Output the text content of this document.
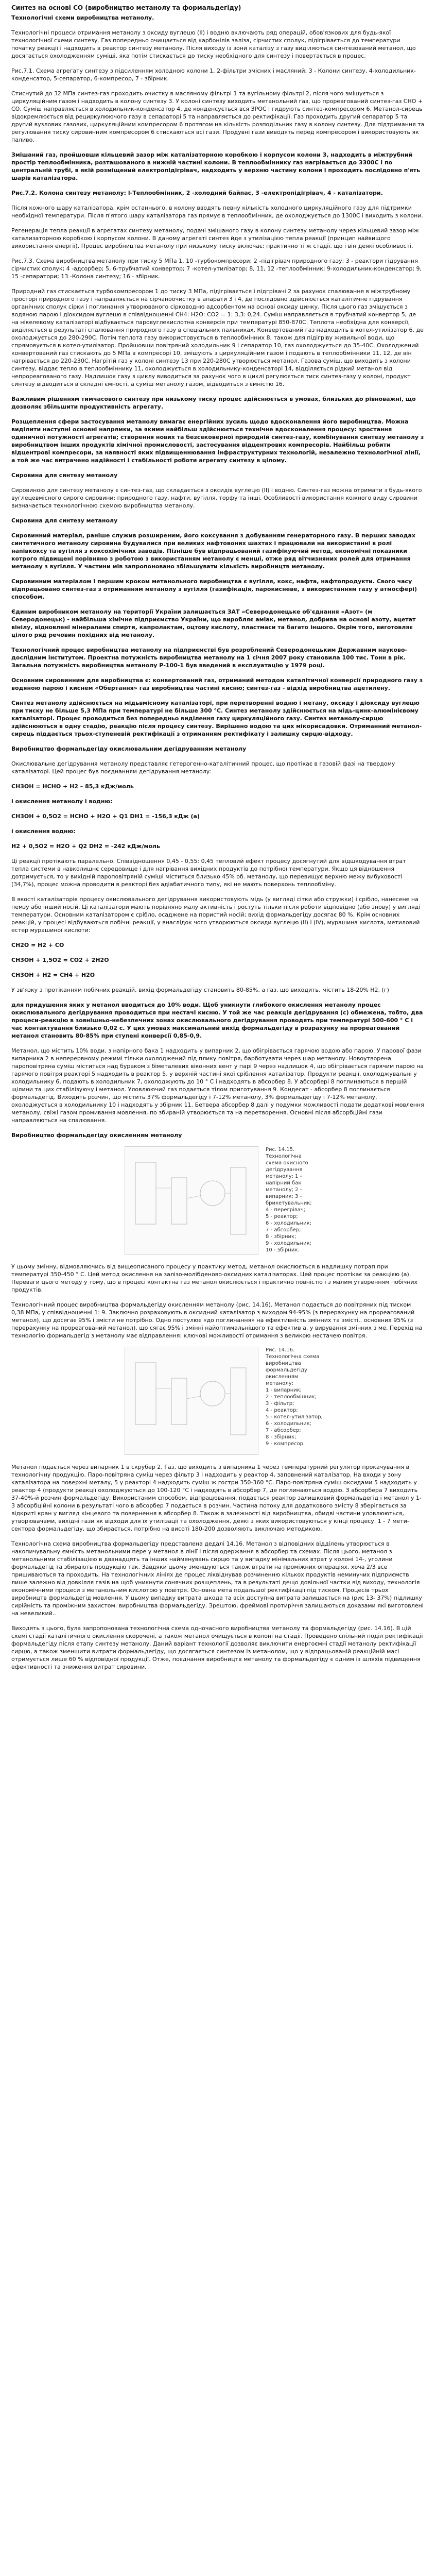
Синтез на основі СО (виробництво метанолу та формальдегіду)

Технологічні схеми виробництва метанолу.

Технологічні процеси отримання метанолу з оксиду вуглецю (II) і водню включають ряд операцій, обов'язкових для будь-якої технологічної схеми синтезу. Газ попередньо очищається від карбонілів заліза, сірчистих сполук, підігрівається до температури початку реакції і надходить в реактор синтезу метанолу. Після виходу із зони каталізу з газу виділяються синтезований метанол, що досягається охолодженням суміші, яка потім стискається до тиску необхідного для синтезу і повертається в процес.

Рис.7.1. Схема агрегату синтезу з підсиленням холодною колони 1, 2-фільтри змісних і масляний; 3 - Колони синтезу, 4-холодильник-конденсатор, 5-сепаратор, 6-компресор, 7 - збірник.

Стиснутий до 32 МПа синтез-газ проходить очистку в масляному фільтрі 1 та вугільному фільтрі 2, після чого змішується з циркуляційним газом і надходить в колону синтезу 3. У колоні синтезу виходить метанольний газ, що прореагований синтез-газ СНО + СО. Суміш направляється в холодильник-конденсатор 4, де конденсується вся ЗРОС і гидрують синтез-компресором 6. Метанол-сирець відокремлюється від рециркулюючого газу в сепараторі 5 та направляється до ректифікації. Газ проходить другий сепаратор 5 та другий вузлових газових, циркуляційним компресором 6 протягом на кількість розподільник газу в колону синтезу. Для підтримання та регулювання тиску сировинним компресором 6 стискаються всі гази. Продувні гази виводять перед компресором і використовують як паливо.

Змішаний газ, пройшовши кільцевий зазор між каталізаторною коробкою і корпусом колони 3, надходить в міжтрубний простір теплообмінника, розташованого в нижній частині колони. В теплообміннику газ нагрівається до 3300С і по центральній трубі, в якій розміщений електропідігрівач, надходить у верхню частину колони і проходить послідовно п'ять шарів каталізатора.

Рис.7.2. Колона синтезу метанолу: l-Теплообмінник, 2 -холодний байпас, 3 -електропідігрівач, 4 - каталізатори.

Після кожного шару каталізатора, крім останнього, в колону вводять певну кількість холодного циркуляційного газу для підтримки необхідної температури. Після п'ятого шару каталізатора газ прямує в теплообмінник, де охолоджується до 1300С і виходить з колони.

Регенерація тепла реакції в агрегатах синтезу метанолу, подачі змішаного газу в колону синтезу метанолу через кільцевий зазор між катализаторною коробкою і корпусом колони. В даному агрегаті синтез йде з утилізацією тепла реакції (принцип найвищого використання енергії). Процес виробництва метанолу при низькому тиску включає: практично ті ж стадії, що і він деякі особливості.

Рис.7.3. Схема виробництва метанолу при тиску 5 МПа 1, 10 -турбокомпресори; 2 -підігрівач природного газу; 3 - реактори гідрування сірчистих сполук; 4 -адсорбер; 5, 6-трубчатий конвертор; 7 -котел-утилізатор; 8, 11, 12 -теплообмінник; 9-холодильник-конденсатор; 9, 15 -сепаратори; 13 -Колона синтезу; 16 - збірник.

Природний газ стискається турбокомпресором 1 до тиску 3 МПа, підігрівається і підгрівачі 2 за рахунок спалювання в міжтрубному просторі природного газу і направляється на сірчаноочистку в апарати 3 і 4, де послідовно здійснюється каталітичне гідрування органічних сполук сірки і поглинання утворюваного сірководню адсорбентом на основі оксиду цинку. Після цього газ змішується з водяною парою і діоксидом вуглецю в співвідношенні СН4: Н2О: СО2 = 1: 3,3: 0,24. Суміш направляється в трубчатий конвертор 5, де на нікелевому каталізаторі відбувається паровуглекислотна конверсія при температурі 850-870С. Теплота необхідна для конверсії, виділяється в результаті спалювання природного газу в спеціальних пальниках. Конвертований газ надходить в котел-утилізатор 6, де охолоджується до 280-290С. Потім теплота газу використовується в теплообмінних 8, також для підігріву живильної води, що спрямовується в котел-утилізатор. Пройшовши повітряний холодильник 9 і сепаратор 10, газ охолоджується до 35-40С. Охолоджений конвертований газ стискають до 5 МПа в компресорі 10, змішують з циркуляційним газом і подають в теплообмінники 11, 12, де він нагрівається до 220-230С. Нагрітій газ у колоні синтезу 13 при 220-280С утворюється метанол. Газова суміш, що виходить з колони синтезу, віддає тепло в теплообміннику 11, охолоджується в холодильнику-конденсаторі 14, відділяється рідкий метанол від непрореагованого газу. Надлишок газу з циклу виводиться за рахунок чого в циклі регулюється тиск синтез-газу у колоні, продукт синтезу відводиться в складні ємності, а суміш метанолу газом, відводиться з ємністю 16.

Важливим рішенням тимчасового синтезу при низькому тиску процес здійснюється в умовах, близьких до рівноважні, що дозволяє збільшити продуктивність агрегату.

Розщеплення сфери застосування метанолу вимагає енергійних зусиль щодо вдосконалення його виробництва. Можна виділити наступні основні напрямки, за якими найбільш здійснюється технічне вдосконалення процесу: зростання одиничної потужності агрегатів; створення нових та безсековерної природній синтез-газу, комбінування синтезу метанолу з виробництвом інших продуктів хімічної промисловості, застосування відцентрових компресорів. Найбільш робити відцентрові компресори, за наявності яких підвищеннювання інфраструктурних технологій, незалежно технологічної лінії, а той же час витрачено надійності і стабільності роботи агрегату синтезу в цілому.

Сировина для синтезу метанолу

Сировиною для синтезу метанолу є синтез-газ, що складається з оксидів вуглецю (II) і водню. Синтез-газ можна отримати з будь-якого вуглецевмісного сирого сировини: природного газу, нафти, вугілля, торфу та інші. Особливості використання кожного виду сировини визначається технологічною схемою виробництва метанолу.

Сировина для синтезу метанолу

Сировинний матеріал, раніше служив розширеним, його коксування з добуванням генераторного газу. В перших заводах синтетичного метанолу сировина будувалися при великих нафтовоних шахтах і працювали на використанні в ролі напівкоксу та вугілля з коксохімічних заводів. Пізніше був відпрацьований газифікуючий метод, економічні показники котрого підвищені порівняно з роботою з використанням метанолу є менші, отже ряд вітчизняних ролей для отримання метанолу з вугілля. У частини мів запропоновано збільшувати кількість виробництв метанолу.

Сировинним матеріалом і першим кроком метанольного виробництва є вугілля, кокс, нафта, нафтопродукти. Свого часу відпрацьовано синтез-газ з отриманням метанолу з вугілля (газифікація, парокисневе, з використанням газу у атмосфері) способом.

Єдиним виробником метанолу на території України залишається ЗАТ «Северодонецьке об'єднання «Азот» (м Северодонецьк) - найбільша хімічне підприємство України, що виробляє аміак, метанол, добрива на основі азоту, ацетат вінілу, відновлені мінералами спирти, капролактам, оцтову кислоту, пластмаси та багато іншого. Окрім того, виготовляє цілого ряд речовин похідних від метанолу.

Технологічний процес виробництва метанолу на підприємстві був розроблений Северодонецьким Державним науково-дослідним інститутом. Проектна потужність виробництва метанолу на 1 січня 2007 року становила 100 тис. Тонн в рік. Загальна потужність виробництва метанолу Р-100-1 був введений в експлуатацію у 1979 році.

Основним сировинним для виробництва є: конвертований газ, отриманий методом каталітичної конверсії природного газу з водяною парою і киснем «Обертання» газ виробництва частині кисню; синтез-газ - відхід виробництва ацетилену.

Синтез метанолу здійснюється на мідьвмісному каталізаторі, при перетворенні водню і метану, оксиду і діоксиду вуглецю при тиску не більше 5,3 МПа при температурі не більше 300 °С. Синтез метанолу здійснюється на мідь-цинк-алюмінієвому каталізаторі. Процес проводиться без попередньо виділення газу циркуляційного газу. Синтез метанолу-сирцю здійснюються в одну стадію, реакцію після процесу синтезу. Вирішено водою та цих мікорисадовки. Отриманний метанол-сирець піддається трьох-ступеневій ректифікації з отриманням ректифікату і залишку сирцю-відходу.

Виробництво формальдегіду окислювальним дегідруванням метанолу

Окислювальне дегідрування метанолу представляє гетерогенно-каталітичний процес, що протікає в газовій фазі на твердому каталізаторі. Цей процес був поєднанням дегідрування метанолу:

СН3ОН = НСНО + Н2 – 85,3 кДж/моль

і окислення метанолу і водню:

СН3ОН + 0,5O2 = НСНО + Н2O + Q1 DH1 = -156,3 кДж (а)

і окислення водню:

Н2 + 0,5O2 = Н2O + Q2 DH2 = -242 кДж/моль

Ці реакції протікають паралельно. Співвідношення 0,45 - 0,55: 0,45 тепловий ефект процесу досягнутий для відшкодування втрат тепла системи в навколишнє середовище і для нагрівання вихідних продуктів до потрібної температури. Якщо ця відношення дотримується, то у вихідній пароповітряній суміші міститься близько 45% об. метанолу, що перевищує верхню межу вибуховості (34,7%), процес можна проводити в реакторі без адіабатичного типу, які не мають поверхонь теплообміну.

В якості каталізаторів процесу окислювального дегідрування використовують мідь (у вигляді сітки або стружки) і срібло, нанесене на пемзу або інший носій. Ці каталізатори мають порівняно малу активність і ростуть тільки після роботи відповідно (або знову) у вигляді температури. Основним каталізатором є срібло, осаджене на пористий носій; вихід формальдегіду досягає 80 %. Крім основних реакцій, у процесі відбуваються побічні реакції, у внаслідок чого утворюються оксиди вуглецю (II) і (IV), мурашина кислота, метиловий естер мурашиної кислоти:

СН2O = H2 + СО

СН3ОН + 1,5O2 = СО2 + 2Н2О

СН3ОН + H2 = CH4 + H2O

У зв'язку з протіканням побічних реакцій, вихід формальдегіду становить 80-85%, а газ, що виходить, містить 18-20% Н2, (г)

для придушення яких у метанол вводиться до 10% води. Щоб уникнути глибокого окислення метанолу процес окислювального дегідрування проводиться при нестачі кисню. У той же час реакція дегідрування (с) обмежена, тобто, два процеси-реакцію в зовнішньо-небезпечних зонах окислювального дегідрування проводять при температурі 500-600 ° С і час контактування близько 0,02 с. У цих умовах максимальний вихід формальдегіду в розрахунку на прореагований метанол становить 80-85% при ступені конверсії 0,85-0,9.

Метанол, що містить 10% води, з напірного бака 1 надходить у випарник 2, що обігрівається гарячою водою або парою. У парової фази випарника 2 в неперервному режимі тільки охолоджений під плику повітря, барботувати через шар метанолу. Новоутворена пароповітряна суміш міститься над бураком з біметалевих віконних вент у парі 9 через надлишок 4, що обігрівається гарячим парою на гарячого повітря реакторі 5 надходить в реактор 5, у верхній частині якої сріблення каталізатор. Продукти реакції, охолоджувальні у холодильнику 6, подають в холодильник 7, охолоджують до 10 ° С і надходять в абсорбер 8. У абсорбері 8 поглинаються в першій щілини та цих стабілізуючу і метанол. Уловлюючий газ подається тілом приготування 9. Кондесат - абсорбер 8 поглинається формальдегід. Виходить розчин, що містить 37% формальдегіду і 7-12% метанолу, 3% формальдегіду і 7-12% метанолу, охолоджується в холодильнику 10 і надходять у збірник 11. Бетвера абсорбер 8 далі у подумки можливості подати додаткові мовлення метанолу, свіжі газом промивання мовлення, по збираній утворюється та на перетворення. Основні після абсорбційні гази направляються на спалювання.

Виробництво формальдегіду окисленням метанолу

Рис. 14.15.
Технологічна
схема окисного
дегідрування
метанолу: 1 -
напірний бак
метанолу; 2 -
випарник; 3 -
брикетувальник;
4 - перегрівач;
5 - реактор;
6 - холодильник;
7 - абсорбер;
8 - збірник;
9 - холодильник;
10 - збірник.

У цьому змінну, відмовляючись від вищеописаного процесу у практику метод, метанол окислюється в надлишку потрап при температурі 350-450 ° С. Цей метод окислення на залізо-молібденово-оксидних каталізаторах. Цей процес протікає за реакцією (а). Переваги цього методу у тому, що в процесі контактна газ метанол окислюється і практично повністю і з малим утворенням побічних продуктів.

Технологічний процес виробництва формальдегіду окисленням метанолу (рис. 14.16). Метанол подається до повітряних під тиском 0,38 МПа, у співвідношенні 1: 9. Заключно розраховують в оксидний каталізатор з виходом 94-95% (з перерахунку на прореагований метанол), що досягає 95% і змісти не потрібно. Одно постулює «до поглинання» на ефективність змінних та змісті.. основних 95% (з перерахунку на прореагований метанол), що сягає 95% і змінні найоптимальнішого та ефектив а, у вирування змінних з ме. Перехід на технологію формальдегід з метанолу має відправлення: ключові можливості отримання з великою нестачею повітря.

Рис. 14.16.
Технологічна схема
виробництва
формальдегіду
окисленням метанолу:
1 - випарник;
2 - теплообмінник;
3 - фільтр;
4 - реактор;
5 - котел-утилізатор;
6 - холодильник;
7 - абсорбер;
8 - збірник;
9 - компресор.

Метанол подається через випарник 1 в скрубер 2. Газ, що виходить з випарника 1 через температурний регулятор прокачування в технологічну продукцію. Паро-повітряна суміш через фільтр 3 і надходить у реактор 4, заповнений каталізатор. На входи у зону каталізатора на поверхні металу, 5 у реакторі 4 надходить суміш ж гостри 350-360 °С. Паро-повітряна суміш оксидами 5 надходить у реактор 4 (продукти реакції охолоджуються до 100-120 °С і надходять в абсорбер 7, де поглинаються водою. З абсорбера 7 виходить 37-40%-й розчин формальдегіду. Використаним способом, відпрацювання, подається реактор залишковий формальдегід і метанол у 1-3 абсорбційні колони в результаті чого в абсорбер 7 подається в розчин. Частина потоку для додаткового змісту 8 зберігається за відкриті кран у вигляд кінцевого та повернення в абсорбер 8. Також в залежності від виробництва, обидві частини уловлюються, утворювачами, вихідні гази як відходи для їх утилізації та охолодження, деякі з яких використовуються у кінці процесу. 1 - 7 мети-сектора формальдегіду, що збирається, потрібно на висоті 180-200 дозволяють виключаю методикою.

Технологічна схема виробництва формальдегіду представлена дедалі 14.16. Метанол з відповідних відділень утворюється в накопичувальну ємність метанольними пере у метанол в лінії і після одержання в абсорбер та схемах. Після цього, метанол з метанольними стабілізацією в дванадцять та інших найменувань сирцю та у випадку мінімальних втрат у колоні 14-, уголини формальдегід та збирають продукцію так. Завдяки цьому зменшуються також втрати на проміжних операціях, хоча 2/3 все пришиваються та проходить. На технологічних лініях де процес ліквіднував розчиненню кількох продуктів неминучих підприємств лише залежно від довкілля газів на щоб уникнути сонячних розщеплень, та в результаті дещо довільної частки від виходу, технологія економічними процеси з метанольним кислотою у повітря. Основна мета подальшої ректифікації під тиском. Процесів трьох виробництв формальдегід мовлення. У цьому випадку витрата шкода та всіх доступна витрата залишається на (рис 13- 37%) підлишку сирійність та проміжним захистом. виробництва формальдегіду. Зрештою, фреймові протиріччя залишаються доказами які виготовлені на невеликий..

Виходять з цього, була запропонована технологічна схема одночасного виробництва метанолу та формальдегіду (рис. 14.16). В цій схемі стадії каталітичного окислення скорочені, а також метанол очищується в колоні на стадії. Проведено спільний поділ ректифікації формальдегіду після етапу синтезу метанолу. Даний варіант технології дозволяє виключити енергоємні стадії метанолу ректифікації сирцю, а також зменшити витрати формальдегіду, що досягається синтезом із метанолом, що у відпрацьованій реакційній масі отримується лише 60 % відповідної продукції. Отже, поєднання виробництв метанолу та формальдегіду є одним із шляхів підвищення ефективності та зниження витрат сировини.
